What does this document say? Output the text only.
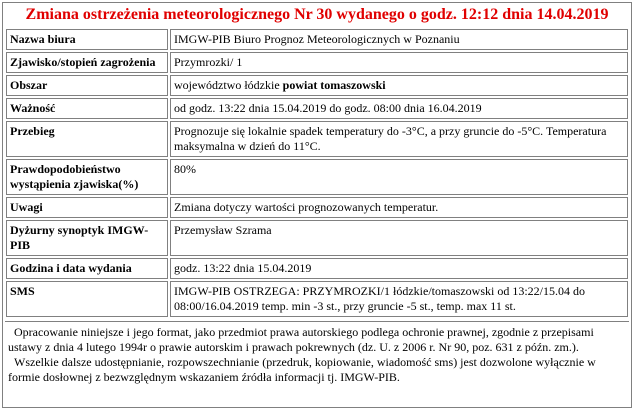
Zmiana ostrzeżenia meteorologicznego Nr 30 wydanego o godz. 12:12 dnia 14.04.2019
Nazwa biura	IMGW-PIB Biuro Prognoz Meteorologicznych w Poznaniu
Zjawisko/stopień zagrożenia	Przymrozki/ 1
Obszar	województwo łódzkie powiat tomaszowski
Ważność	od godz. 13:22 dnia 15.04.2019 do godz. 08:00 dnia 16.04.2019
Przebieg	Prognozuje się lokalnie spadek temperatury do -3°C, a przy gruncie do -5°C. Temperatura maksymalna w dzień do 11°C.
Prawdopodobieństwo wystąpienia zjawiska(%)	80%
Uwagi	Zmiana dotyczy wartości prognozowanych temperatur.
Dyżurny synoptyk IMGW-PIB	Przemysław Szrama
Godzina i data wydania	godz. 13:22 dnia 15.04.2019
SMS	IMGW-PIB OSTRZEGA: PRZYMROZKI/1 łódzkie/tomaszowski od 13:22/15.04 do 08:00/16.04.2019 temp. min -3 st., przy gruncie -5 st., temp. max 11 st.

Opracowanie niniejsze i jego format, jako przedmiot prawa autorskiego podlega ochronie prawnej, zgodnie z przepisami ustawy z dnia 4 lutego 1994r o prawie autorskim i prawach pokrewnych (dz. U. z 2006 r. Nr 90, poz. 631 z późn. zm.).

Wszelkie dalsze udostępnianie, rozpowszechnianie (przedruk, kopiowanie, wiadomość sms) jest dozwolone wyłącznie w formie dosłownej z bezwzględnym wskazaniem źródła informacji tj. IMGW-PIB.
